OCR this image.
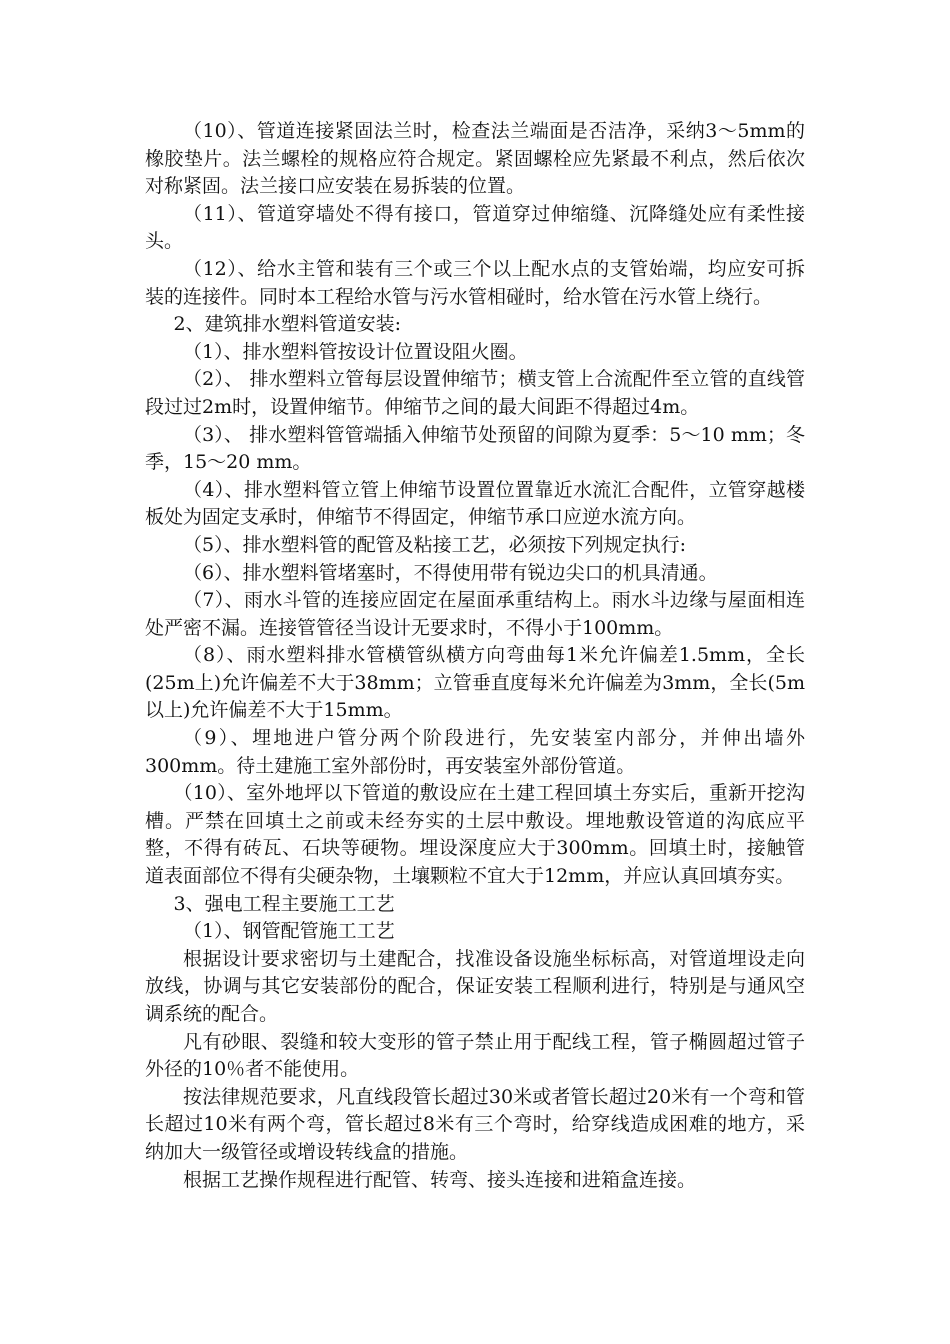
（10）、管道连接紧固法兰时，检查法兰端面是否洁净，采纳3～5mm的橡胶垫片。法兰螺栓的规格应符合规定。紧固螺栓应先紧最不利点，然后依次对称紧固。法兰接口应安装在易拆装的位置。

（11）、管道穿墙处不得有接口，管道穿过伸缩缝、沉降缝处应有柔性接头。

（12）、给水主管和装有三个或三个以上配水点的支管始端，均应安可拆装的连接件。同时本工程给水管与污水管相碰时，给水管在污水管上绕行。

2、建筑排水塑料管道安装:

（1）、排水塑料管按设计位置设阻火圈。

（2）、 排水塑料立管每层设置伸缩节；横支管上合流配件至立管的直线管段过过2m时，设置伸缩节。伸缩节之间的最大间距不得超过4m。

（3）、 排水塑料管管端插入伸缩节处预留的间隙为夏季：5～10 mm；冬季，15～20 mm。

（4）、排水塑料管立管上伸缩节设置位置靠近水流汇合配件，立管穿越楼板处为固定支承时，伸缩节不得固定，伸缩节承口应逆水流方向。

（5）、排水塑料管的配管及粘接工艺，必须按下列规定执行:

（6）、排水塑料管堵塞时，不得使用带有锐边尖口的机具清通。

（7）、雨水斗管的连接应固定在屋面承重结构上。雨水斗边缘与屋面相连处严密不漏。连接管管径当设计无要求时，不得小于100mm。

（8）、雨水塑料排水管横管纵横方向弯曲每1米允许偏差1.5mm，全长(25m上)允许偏差不大于38mm；立管垂直度每米允许偏差为3mm，全长(5m以上)允许偏差不大于15mm。

（9）、埋地进户管分两个阶段进行，先安装室内部分，并伸出墙外300mm。待土建施工室外部份时，再安装室外部份管道。

（10）、室外地坪以下管道的敷设应在土建工程回填土夯实后，重新开挖沟槽。严禁在回填土之前或未经夯实的土层中敷设。埋地敷设管道的沟底应平整，不得有砖瓦、石块等硬物。埋设深度应大于300mm。回填土时，接触管道表面部位不得有尖硬杂物，土壤颗粒不宜大于12mm，并应认真回填夯实。

3、强电工程主要施工工艺

（1）、钢管配管施工工艺

根据设计要求密切与土建配合，找准设备设施坐标标高，对管道埋设走向放线，协调与其它安装部份的配合，保证安装工程顺利进行，特别是与通风空调系统的配合。

凡有砂眼、裂缝和较大变形的管子禁止用于配线工程，管子椭圆超过管子外径的10％者不能使用。

按法律规范要求，凡直线段管长超过30米或者管长超过20米有一个弯和管长超过10米有两个弯，管长超过8米有三个弯时，给穿线造成困难的地方，采纳加大一级管径或增设转线盒的措施。

根据工艺操作规程进行配管、转弯、接头连接和进箱盒连接。
